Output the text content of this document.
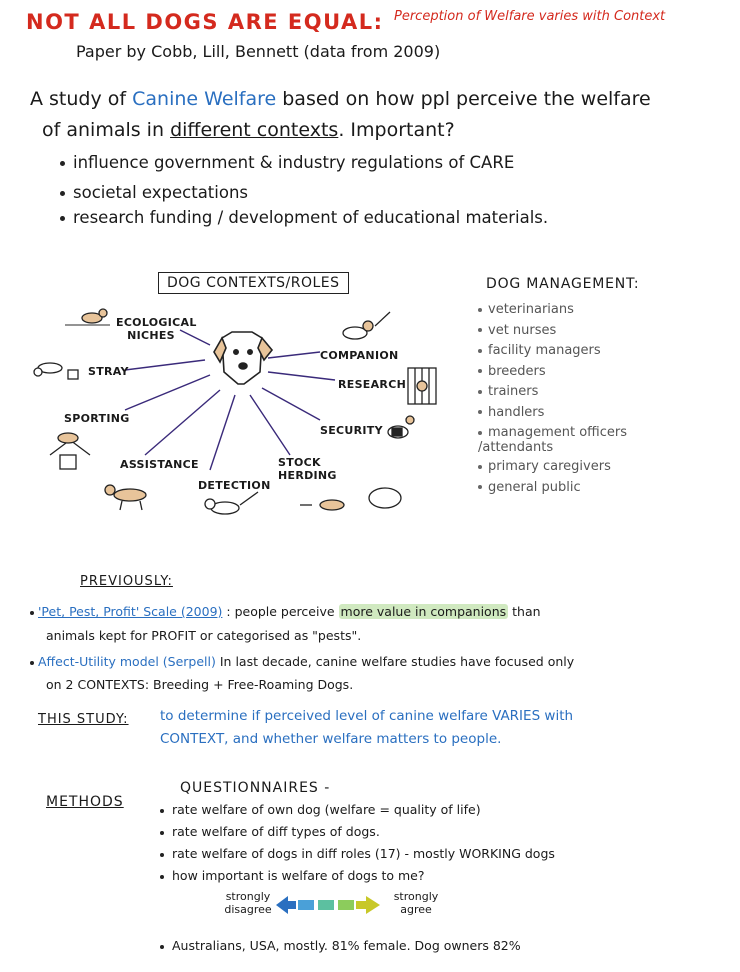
NOT ALL DOGS ARE EQUAL: Perception of Welfare varies with Context
Paper by Cobb, Lill, Bennett (data from 2009)
A study of Canine Welfare based on how ppl perceive the welfare
of animals in different contexts. Important?
influence government & industry regulations of CARE
societal expectations
research funding / development of educational materials.
DOG CONTEXTS/ROLES
ECOLOGICAL NICHES
STRAY
SPORTING
ASSISTANCE
DETECTION
STOCK HERDING
SECURITY
RESEARCH
COMPANION
DOG MANAGEMENT:
veterinarians
vet nurses
facility managers
breeders
trainers
handlers
management officers /attendants
primary caregivers
general public
PREVIOUSLY:
'Pet, Pest, Profit' Scale (2009) : people perceive more value in companions than
animals kept for PROFIT or categorised as "pests".
Affect-Utility model (Serpell) In last decade, canine welfare studies have focused only
on 2 CONTEXTS: Breeding + Free-Roaming Dogs.
THIS STUDY: to determine if perceived level of canine welfare VARIES with
CONTEXT, and whether welfare matters to people.
METHODS
QUESTIONNAIRES -
rate welfare of own dog (welfare = quality of life)
rate welfare of diff types of dogs.
rate welfare of dogs in diff roles (17) - mostly WORKING dogs
how important is welfare of dogs to me?
strongly disagree
strongly agree
Australians, USA, mostly. 81% female. Dog owners 82%
